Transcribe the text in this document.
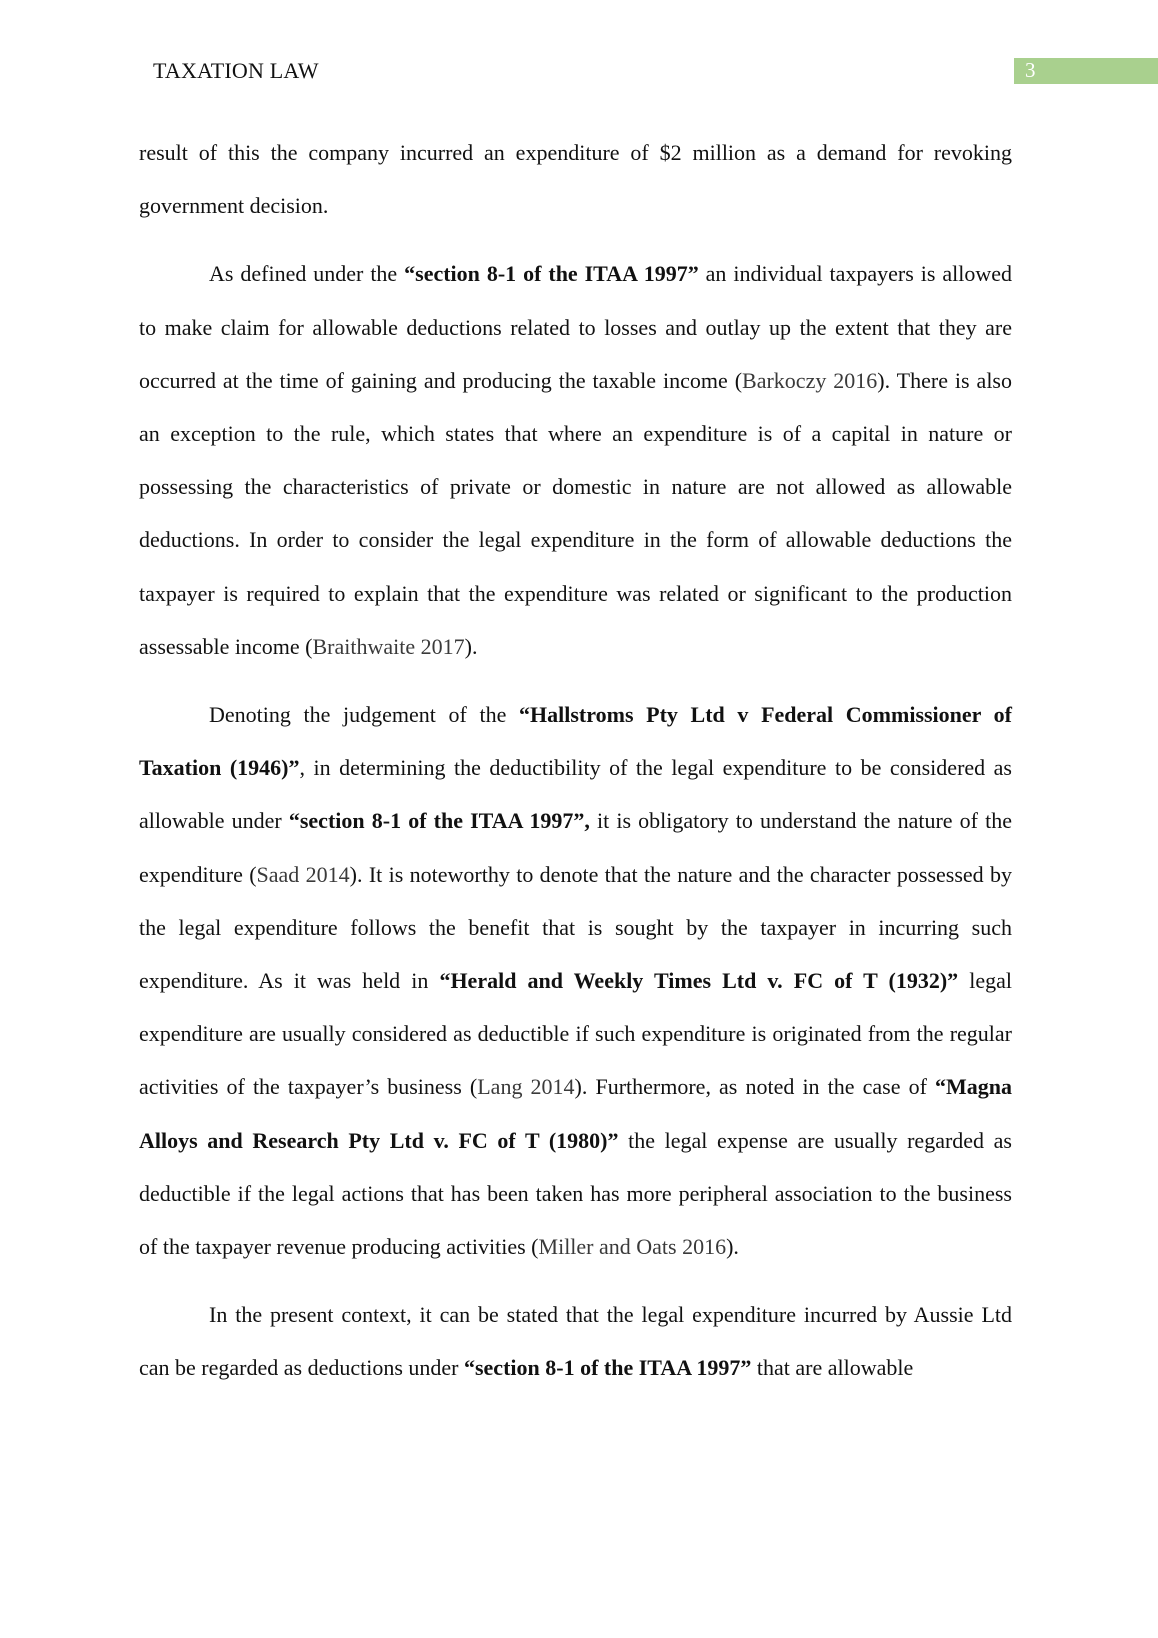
TAXATION LAW	3

result of this the company incurred an expenditure of $2 million as a demand for revoking government decision.

As defined under the “section 8-1 of the ITAA 1997” an individual taxpayers is allowed to make claim for allowable deductions related to losses and outlay up the extent that they are occurred at the time of gaining and producing the taxable income (Barkoczy 2016). There is also an exception to the rule, which states that where an expenditure is of a capital in nature or possessing the characteristics of private or domestic in nature are not allowed as allowable deductions. In order to consider the legal expenditure in the form of allowable deductions the taxpayer is required to explain that the expenditure was related or significant to the production assessable income (Braithwaite 2017).

Denoting the judgement of the “Hallstroms Pty Ltd v Federal Commissioner of Taxation (1946)”, in determining the deductibility of the legal expenditure to be considered as allowable under “section 8-1 of the ITAA 1997”, it is obligatory to understand the nature of the expenditure (Saad 2014). It is noteworthy to denote that the nature and the character possessed by the legal expenditure follows the benefit that is sought by the taxpayer in incurring such expenditure. As it was held in “Herald and Weekly Times Ltd v. FC of T (1932)” legal expenditure are usually considered as deductible if such expenditure is originated from the regular activities of the taxpayer’s business (Lang 2014). Furthermore, as noted in the case of “Magna Alloys and Research Pty Ltd v. FC of T (1980)” the legal expense are usually regarded as deductible if the legal actions that has been taken has more peripheral association to the business of the taxpayer revenue producing activities (Miller and Oats 2016).

In the present context, it can be stated that the legal expenditure incurred by Aussie Ltd can be regarded as deductions under “section 8-1 of the ITAA 1997” that are allowable
